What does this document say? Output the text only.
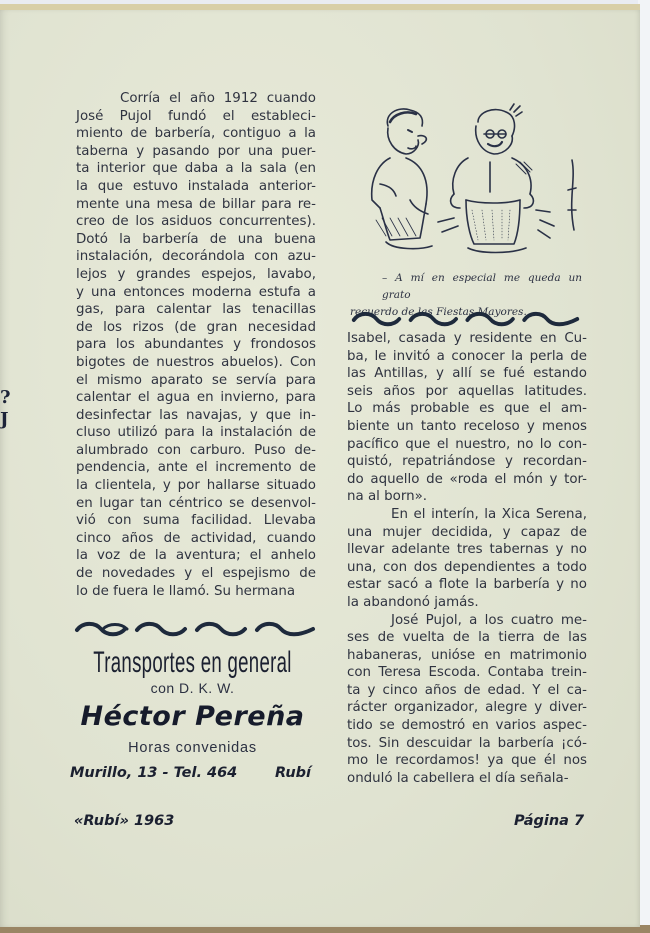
?
J
Corría el año 1912 cuando
José Pujol fundó el estableci-
miento de barbería, contiguo a la
taberna y pasando por una puer-
ta interior que daba a la sala (en
la que estuvo instalada anterior-
mente una mesa de billar para re-
creo de los asiduos concurrentes).
Dotó la barbería de una buena
instalación, decorándola con azu-
lejos y grandes espejos, lavabo,
y una entonces moderna estufa a
gas, para calentar las tenacillas
de los rizos (de gran necesidad
para los abundantes y frondosos
bigotes de nuestros abuelos). Con
el mismo aparato se servía para
calentar el agua en invierno, para
desinfectar las navajas, y que in-
cluso utilizó para la instalación de
alumbrado con carburo. Puso de-
pendencia, ante el incremento de
la clientela, y por hallarse situado
en lugar tan céntrico se desenvol-
vió con suma facilidad. Llevaba
cinco años de actividad, cuando
la voz de la aventura; el anhelo
de novedades y el espejismo de
lo de fuera le llamó. Su hermana
Transportes en general
con D. K. W.
Héctor Pereña
Horas convenidas
Murillo, 13 - Tel. 464	Rubí
«Rubí» 1963	Página 7
– A mí en especial me queda un grato
recuerdo de las Fiestas Mayores.
Isabel, casada y residente en Cu-
ba, le invitó a conocer la perla de
las Antillas, y allí se fué estando
seis años por aquellas latitudes.
Lo más probable es que el am-
biente un tanto receloso y menos
pacífico que el nuestro, no lo con-
quistó, repatriándose y recordan-
do aquello de «roda el món y tor-
na al born».
En el interín, la Xica Serena,
una mujer decidida, y capaz de
llevar adelante tres tabernas y no
una, con dos dependientes a todo
estar sacó a flote la barbería y no
la abandonó jamás.
José Pujol, a los cuatro me-
ses de vuelta de la tierra de las
habaneras, unióse en matrimonio
con Teresa Escoda. Contaba trein-
ta y cinco años de edad. Y el ca-
rácter organizador, alegre y diver-
tido se demostró en varios aspec-
tos. Sin descuidar la barbería ¡có-
mo le recordamos! ya que él nos
onduló la cabellera el día señala-
